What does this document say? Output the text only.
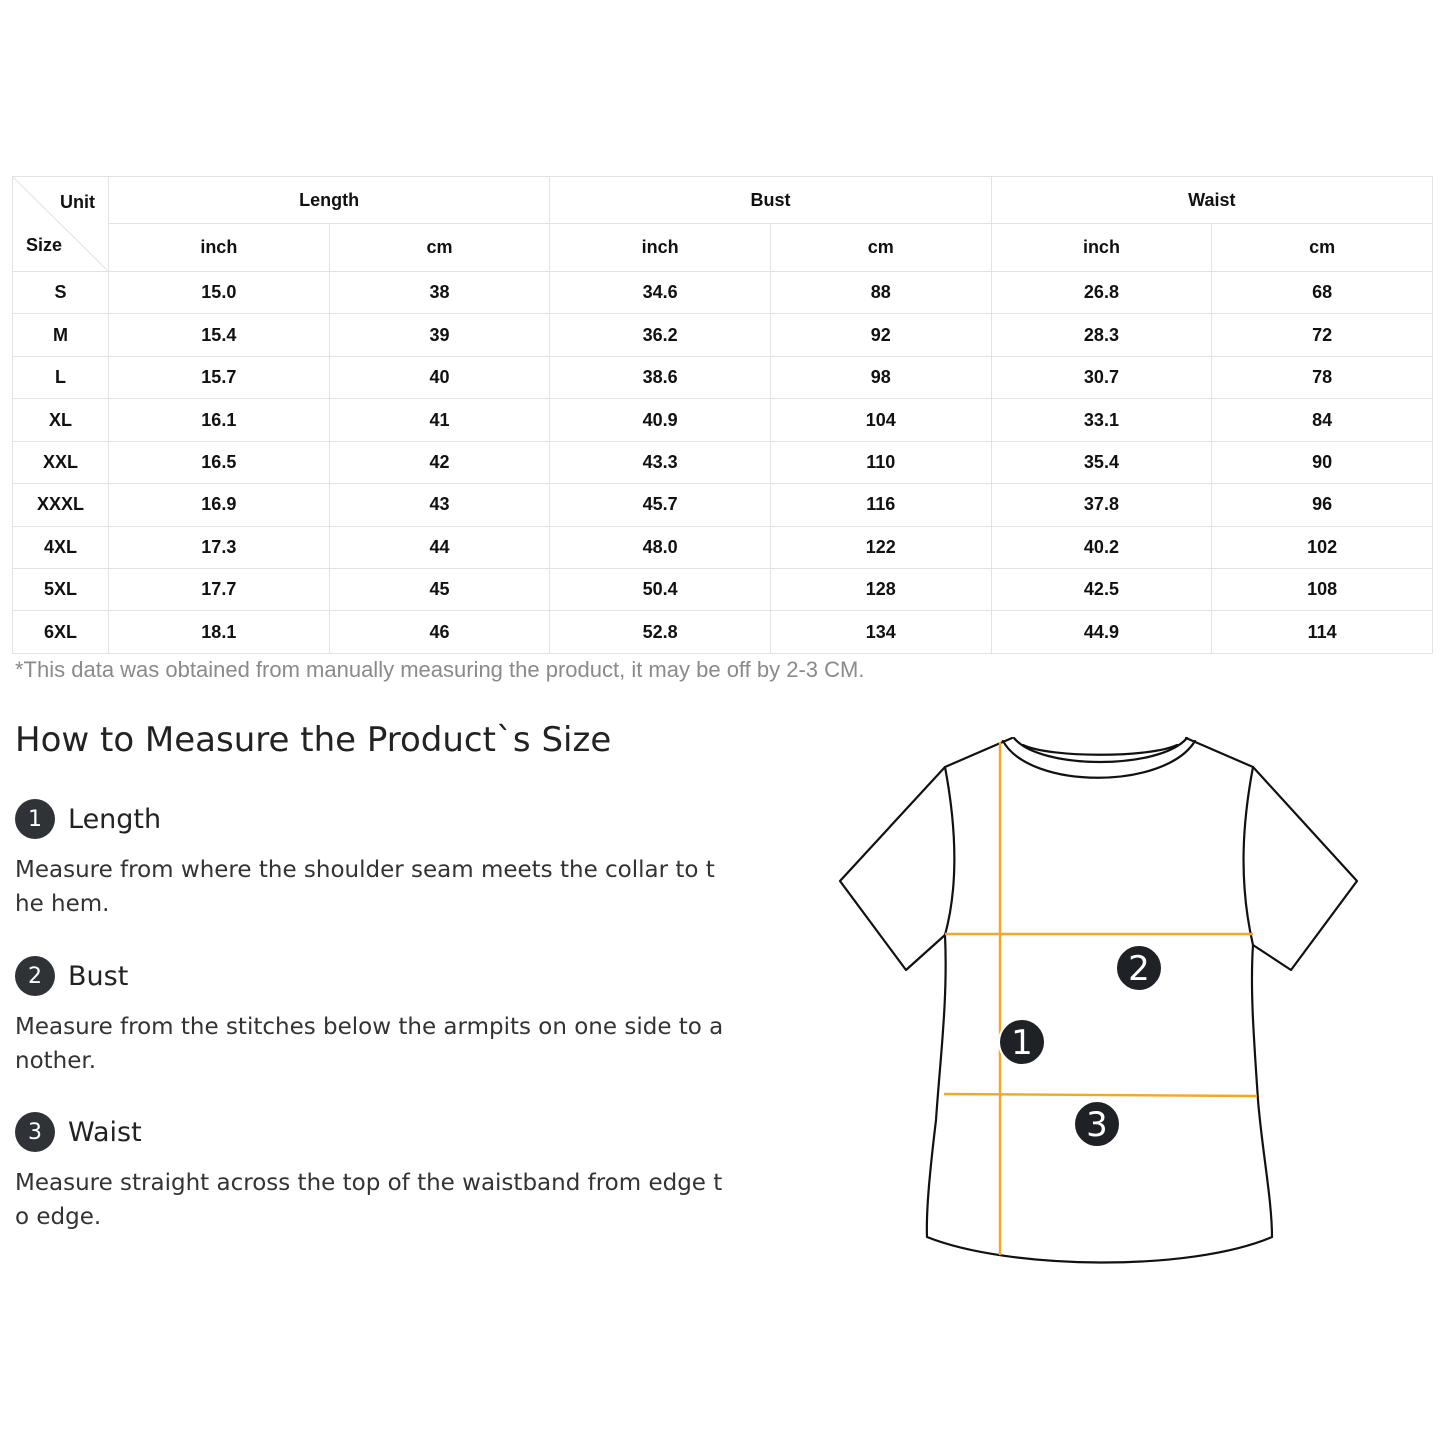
Unit
Size	Length		Bust		Waist	
	inch	cm	inch	cm	inch	cm
S	15.0	38	34.6	88	26.8	68
M	15.4	39	36.2	92	28.3	72
L	15.7	40	38.6	98	30.7	78
XL	16.1	41	40.9	104	33.1	84
XXL	16.5	42	43.3	110	35.4	90
XXXL	16.9	43	45.7	116	37.8	96
4XL	17.3	44	48.0	122	40.2	102
5XL	17.7	45	50.4	128	42.5	108
6XL	18.1	46	52.8	134	44.9	114
*This data was obtained from manually measuring the product, it may be off by 2-3 CM.
How to Measure the Product`s Size
1 Length
Measure from where the shoulder seam meets the collar to the hem.
2 Bust
Measure from the stitches below the armpits on one side to another.
3 Waist
Measure straight across the top of the waistband from edge to edge.
1
2
3
